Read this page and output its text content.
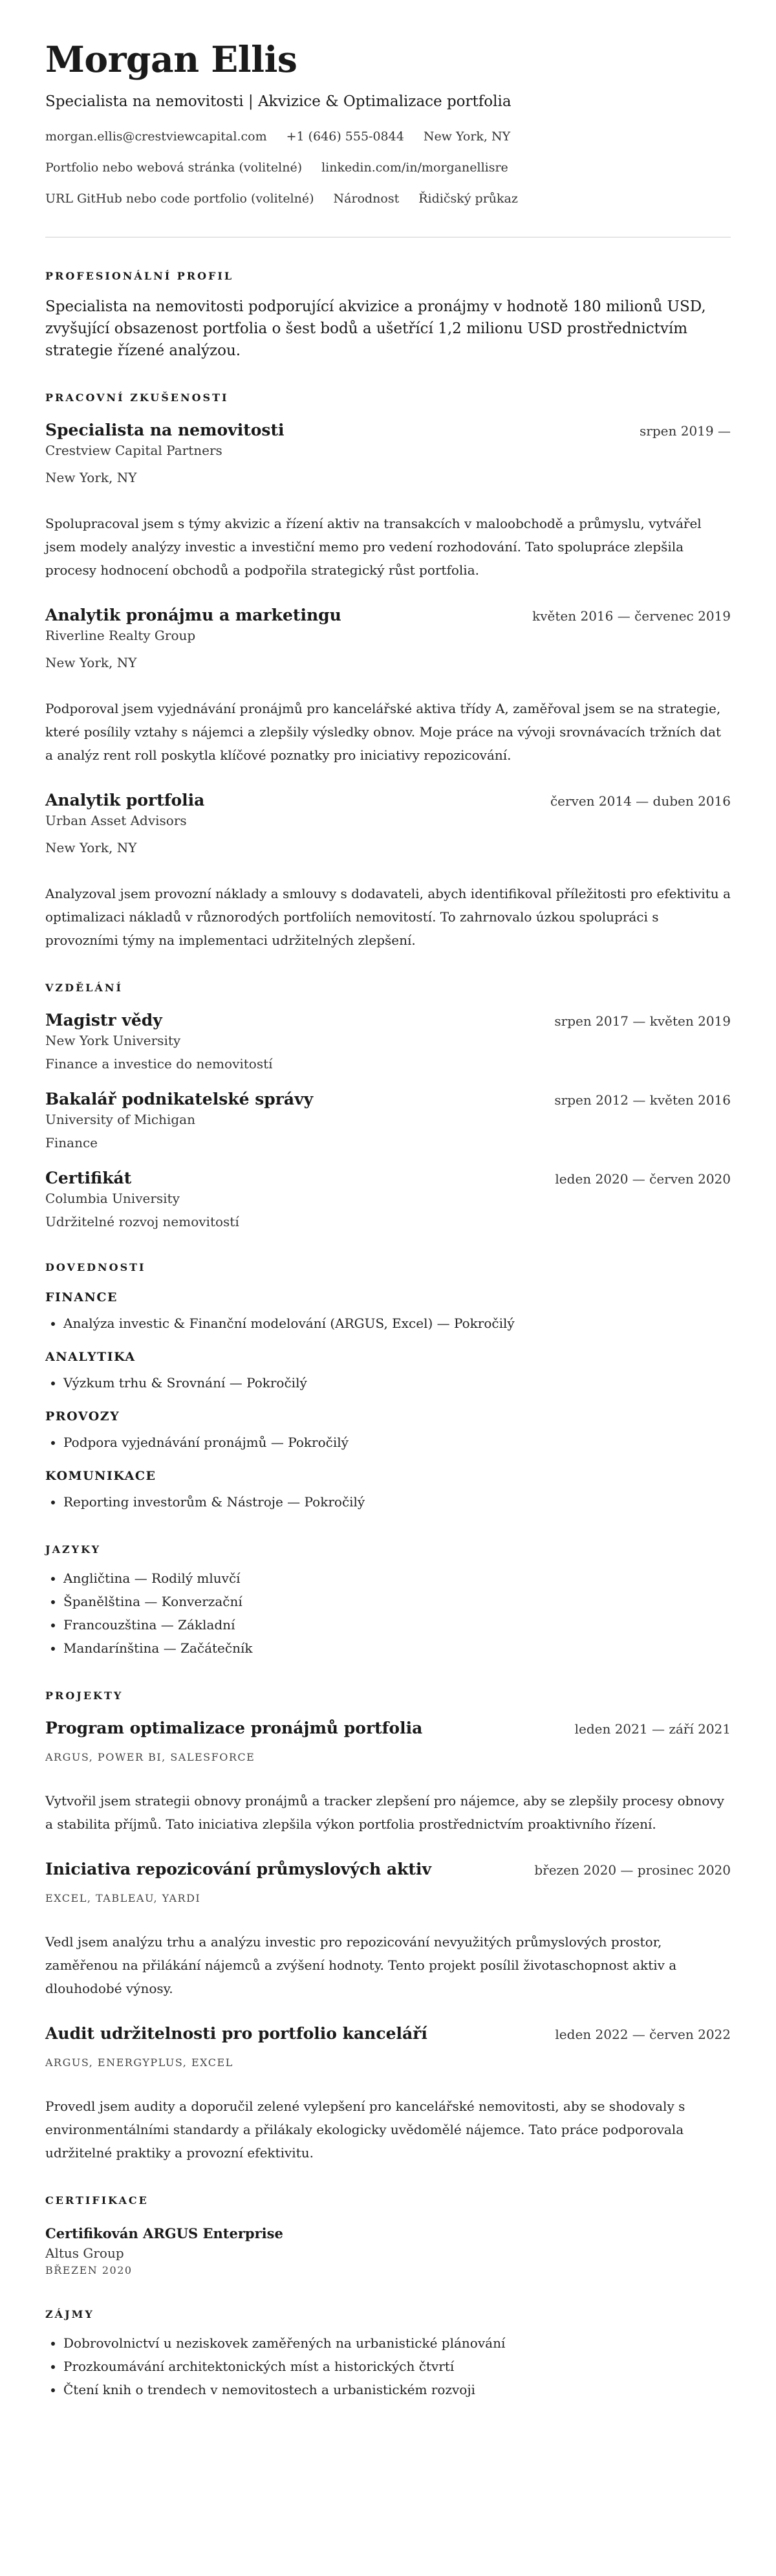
Morgan Ellis
Specialista na nemovitosti | Akvizice & Optimalizace portfolia
morgan.ellis@crestviewcapital.com +1 (646) 555-0844 New York, NY
Portfolio nebo webová stránka (volitelné) linkedin.com/in/morganellisre
URL GitHub nebo code portfolio (volitelné) Národnost Řidičský průkaz
PROFESIONÁLNÍ PROFIL
Specialista na nemovitosti podporující akvizice a pronájmy v hodnotě 180 milionů USD, zvyšující obsazenost portfolia o šest bodů a ušetřící 1,2 milionu USD prostřednictvím strategie řízené analýzou.
PRACOVNÍ ZKUŠENOSTI
Specialista na nemovitosti	srpen 2019 —
Crestview Capital Partners
New York, NY
Spolupracoval jsem s týmy akvizic a řízení aktiv na transakcích v maloobchodě a průmyslu, vytvářel jsem modely analýzy investic a investiční memo pro vedení rozhodování. Tato spolupráce zlepšila procesy hodnocení obchodů a podpořila strategický růst portfolia.
Analytik pronájmu a marketingu	květen 2016 — červenec 2019
Riverline Realty Group
New York, NY
Podporoval jsem vyjednávání pronájmů pro kancelářské aktiva třídy A, zaměřoval jsem se na strategie, které posílily vztahy s nájemci a zlepšily výsledky obnov. Moje práce na vývoji srovnávacích tržních dat a analýz rent roll poskytla klíčové poznatky pro iniciativy repozicování.
Analytik portfolia	červen 2014 — duben 2016
Urban Asset Advisors
New York, NY
Analyzoval jsem provozní náklady a smlouvy s dodavateli, abych identifikoval příležitosti pro efektivitu a optimalizaci nákladů v různorodých portfoliích nemovitostí. To zahrnovalo úzkou spolupráci s provozními týmy na implementaci udržitelných zlepšení.
VZDĚLÁNÍ
Magistr vědy	srpen 2017 — květen 2019
New York University
Finance a investice do nemovitostí
Bakalář podnikatelské správy	srpen 2012 — květen 2016
University of Michigan
Finance
Certifikát	leden 2020 — červen 2020
Columbia University
Udržitelné rozvoj nemovitostí
DOVEDNOSTI
FINANCE
• Analýza investic & Finanční modelování (ARGUS, Excel) — Pokročilý
ANALYTIKA
• Výzkum trhu & Srovnání — Pokročilý
PROVOZY
• Podpora vyjednávání pronájmů — Pokročilý
KOMUNIKACE
• Reporting investorům & Nástroje — Pokročilý
JAZYKY
• Angličtina — Rodilý mluvčí
• Španělština — Konverzační
• Francouzština — Základní
• Mandarínština — Začátečník
PROJEKTY
Program optimalizace pronájmů portfolia	leden 2021 — září 2021
ARGUS, POWER BI, SALESFORCE
Vytvořil jsem strategii obnovy pronájmů a tracker zlepšení pro nájemce, aby se zlepšily procesy obnovy a stabilita příjmů. Tato iniciativa zlepšila výkon portfolia prostřednictvím proaktivního řízení.
Iniciativa repozicování průmyslových aktiv	březen 2020 — prosinec 2020
EXCEL, TABLEAU, YARDI
Vedl jsem analýzu trhu a analýzu investic pro repozicování nevyužitých průmyslových prostor, zaměřenou na přilákání nájemců a zvýšení hodnoty. Tento projekt posílil životaschopnost aktiv a dlouhodobé výnosy.
Audit udržitelnosti pro portfolio kanceláří	leden 2022 — červen 2022
ARGUS, ENERGYPLUS, EXCEL
Provedl jsem audity a doporučil zelené vylepšení pro kancelářské nemovitosti, aby se shodovaly s environmentálními standardy a přilákaly ekologicky uvědomělé nájemce. Tato práce podporovala udržitelné praktiky a provozní efektivitu.
CERTIFIKACE
Certifikován ARGUS Enterprise
Altus Group
BŘEZEN 2020
ZÁJMY
• Dobrovolnictví u neziskovek zaměřených na urbanistické plánování
• Prozkoumávání architektonických míst a historických čtvrtí
• Čtení knih o trendech v nemovitostech a urbanistickém rozvoji
